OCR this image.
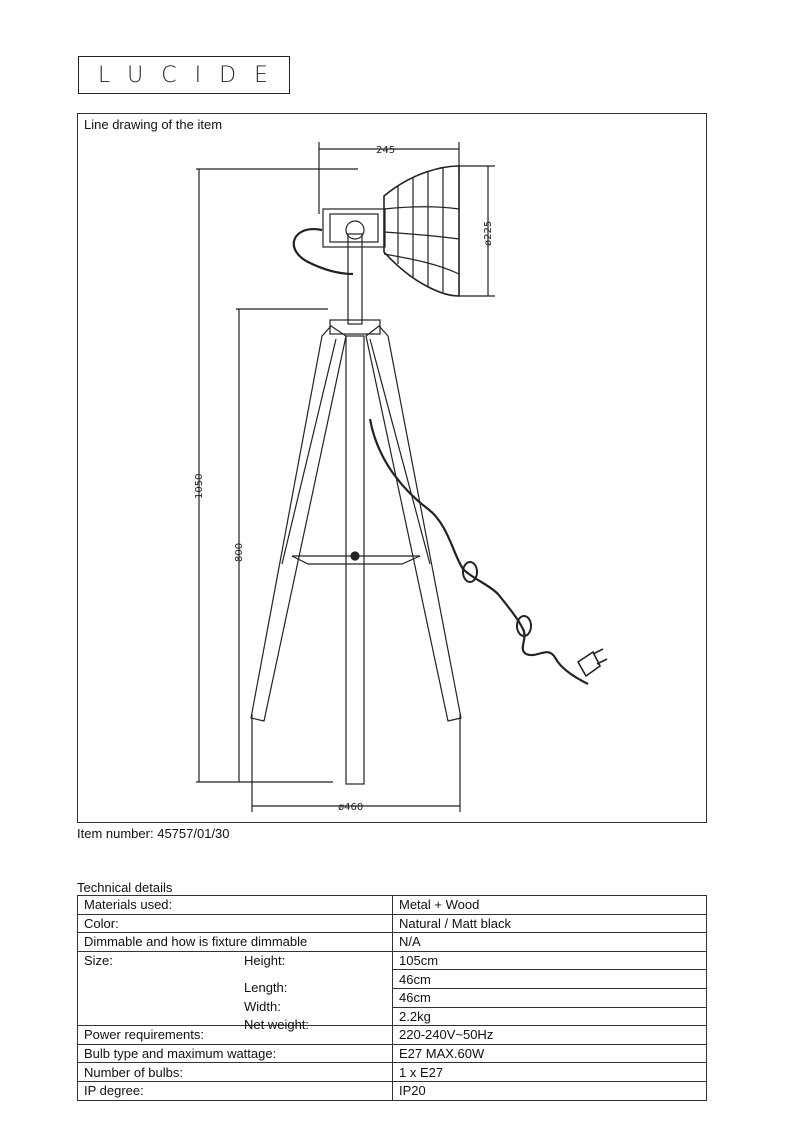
LUCIDE
Line drawing of the item
245
ø225
1050
800
ø460
Item number: 45757/01/30
Technical details
Materials used:	Metal + Wood

Color:	Natural / Matt black

Dimmable and how is fixture dimmable	N/A

Size: Height:	105cm

Length:	46cm

Width:	46cm

Net weight:	2.2kg

Power requirements:	220-240V~50Hz

Bulb type and maximum wattage:	E27 MAX.60W

Number of bulbs:	1 x E27

IP degree:	IP20
